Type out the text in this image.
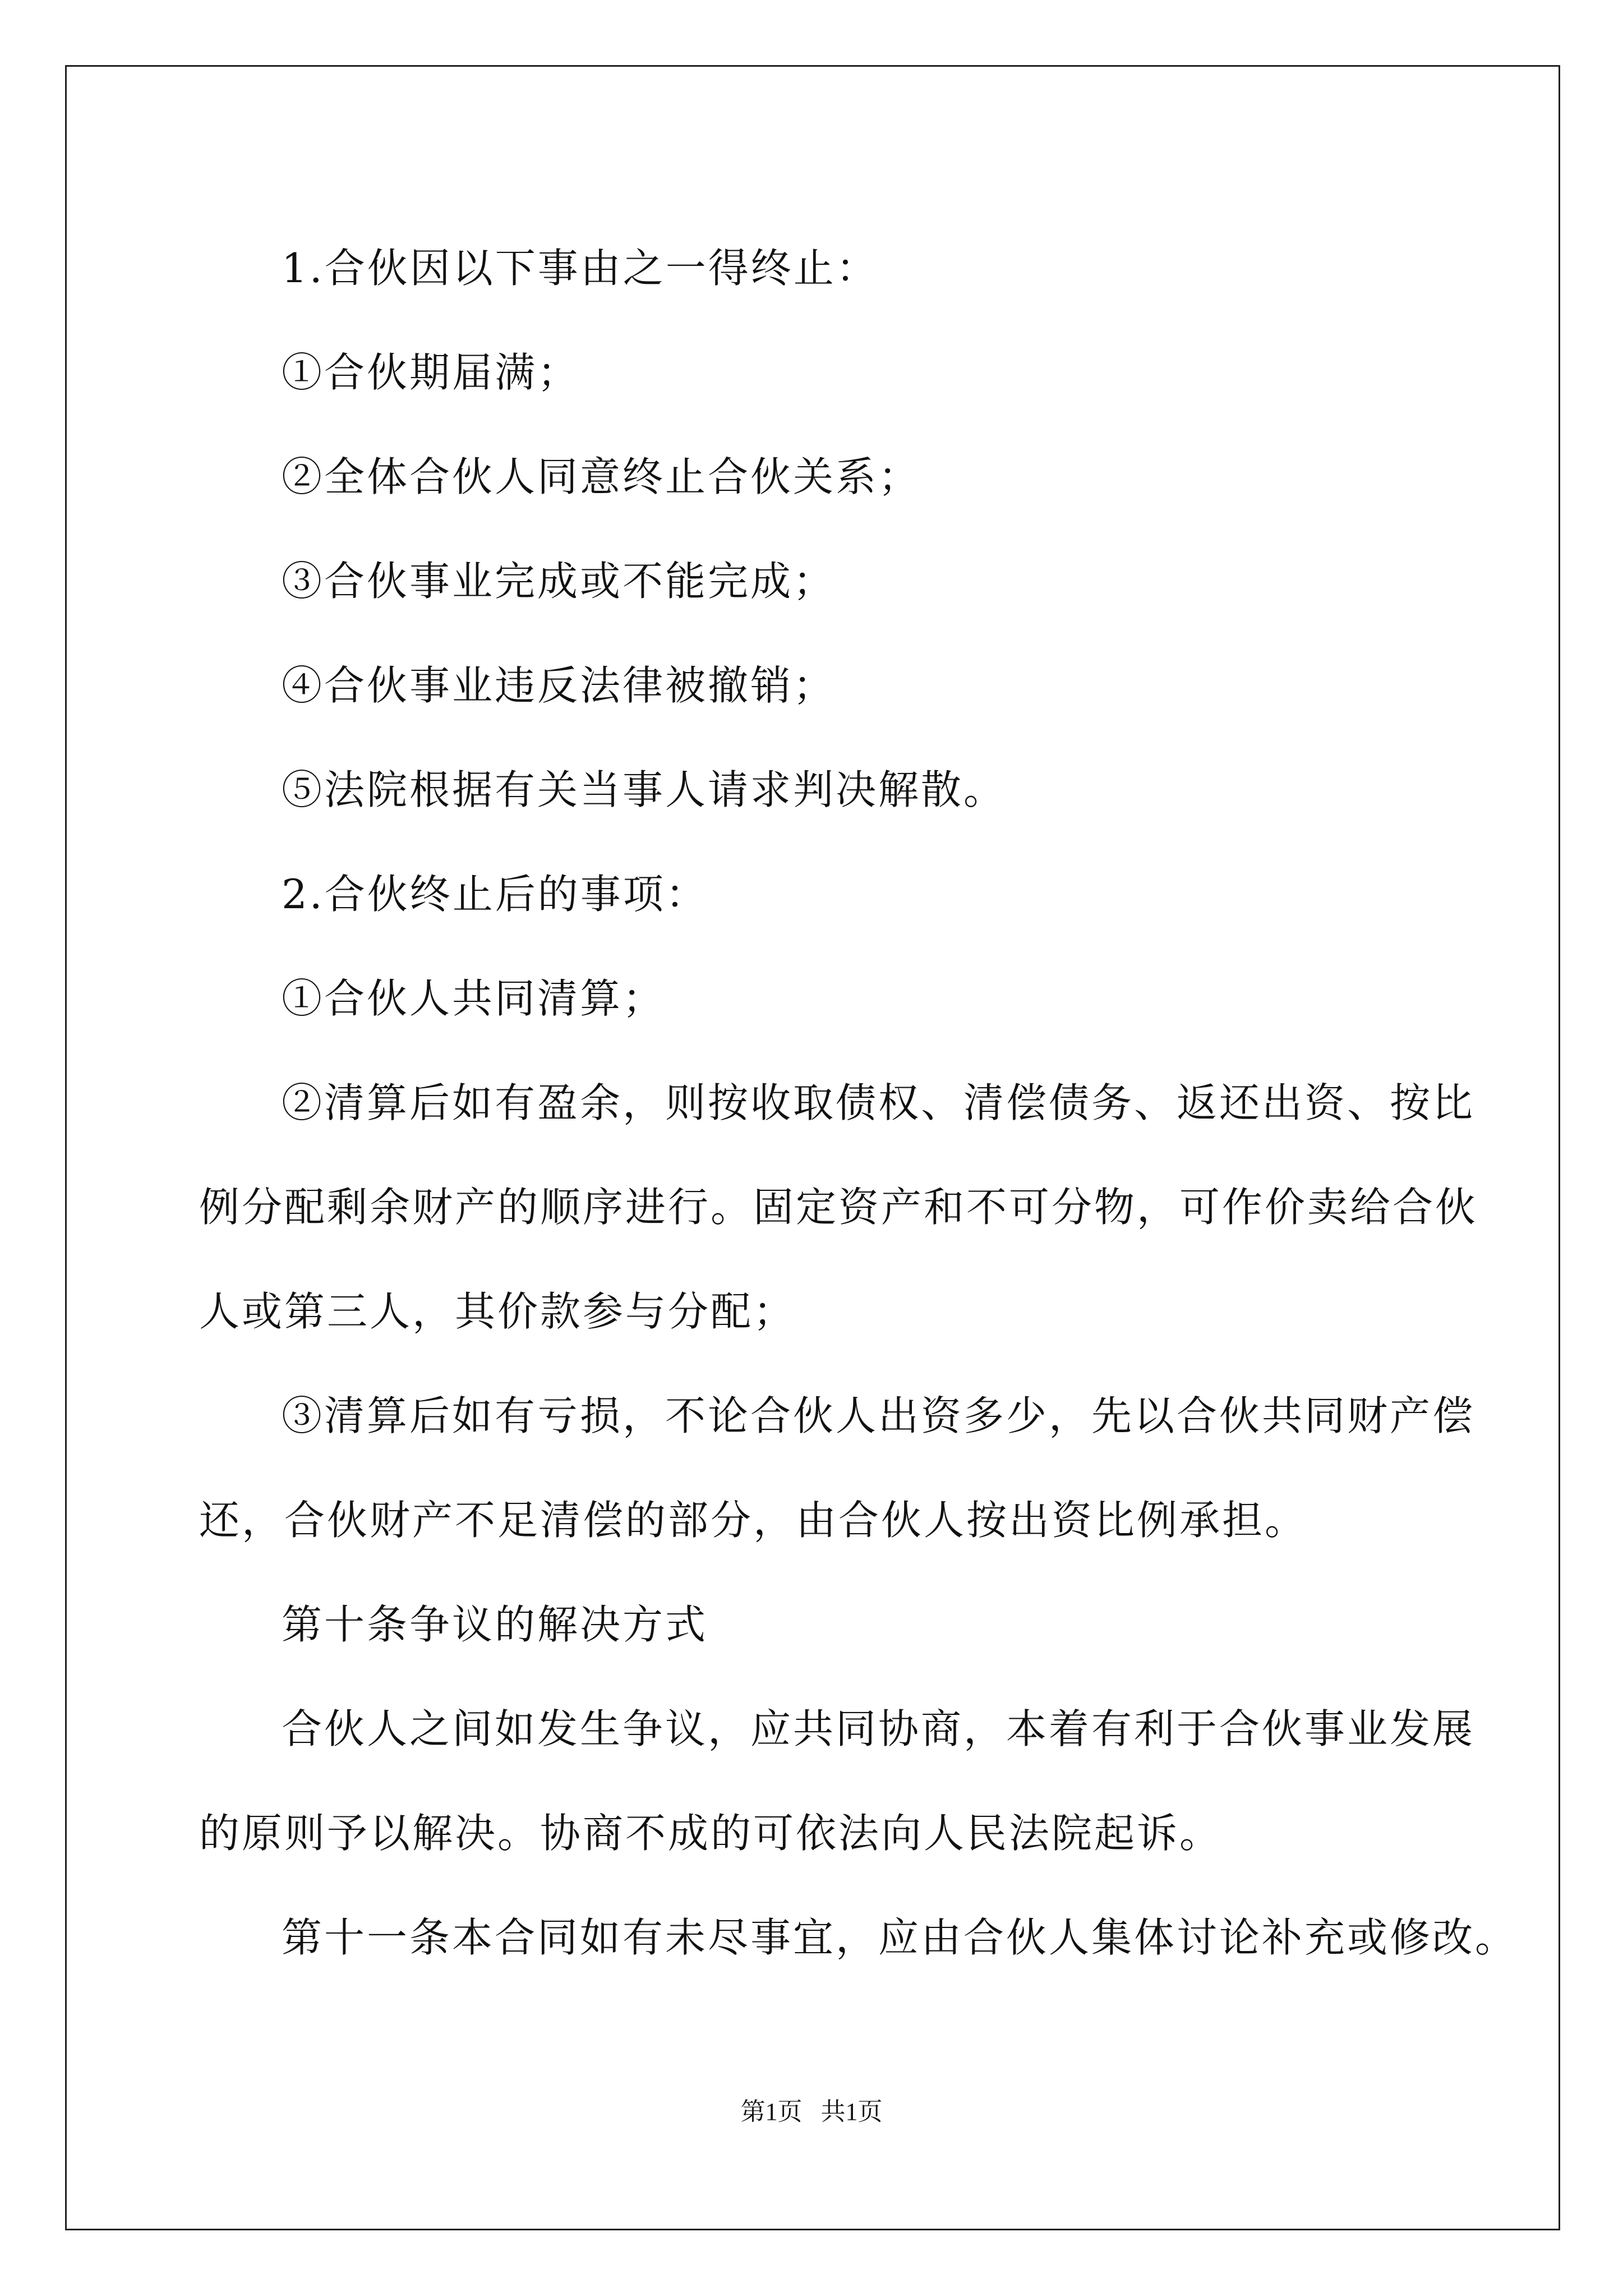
1.合伙因以下事由之一得终止：

①合伙期届满；

②全体合伙人同意终止合伙关系；

③合伙事业完成或不能完成；

④合伙事业违反法律被撤销；

⑤法院根据有关当事人请求判决解散。

2.合伙终止后的事项：

①合伙人共同清算；

②清算后如有盈余，则按收取债权、清偿债务、返还出资、按比

例分配剩余财产的顺序进行。固定资产和不可分物，可作价卖给合伙

人或第三人，其价款参与分配；

③清算后如有亏损，不论合伙人出资多少，先以合伙共同财产偿

还，合伙财产不足清偿的部分，由合伙人按出资比例承担。

第十条争议的解决方式

合伙人之间如发生争议，应共同协商，本着有利于合伙事业发展

的原则予以解决。协商不成的可依法向人民法院起诉。

第十一条本合同如有未尽事宜，应由合伙人集体讨论补充或修改。

第1页   共1页
